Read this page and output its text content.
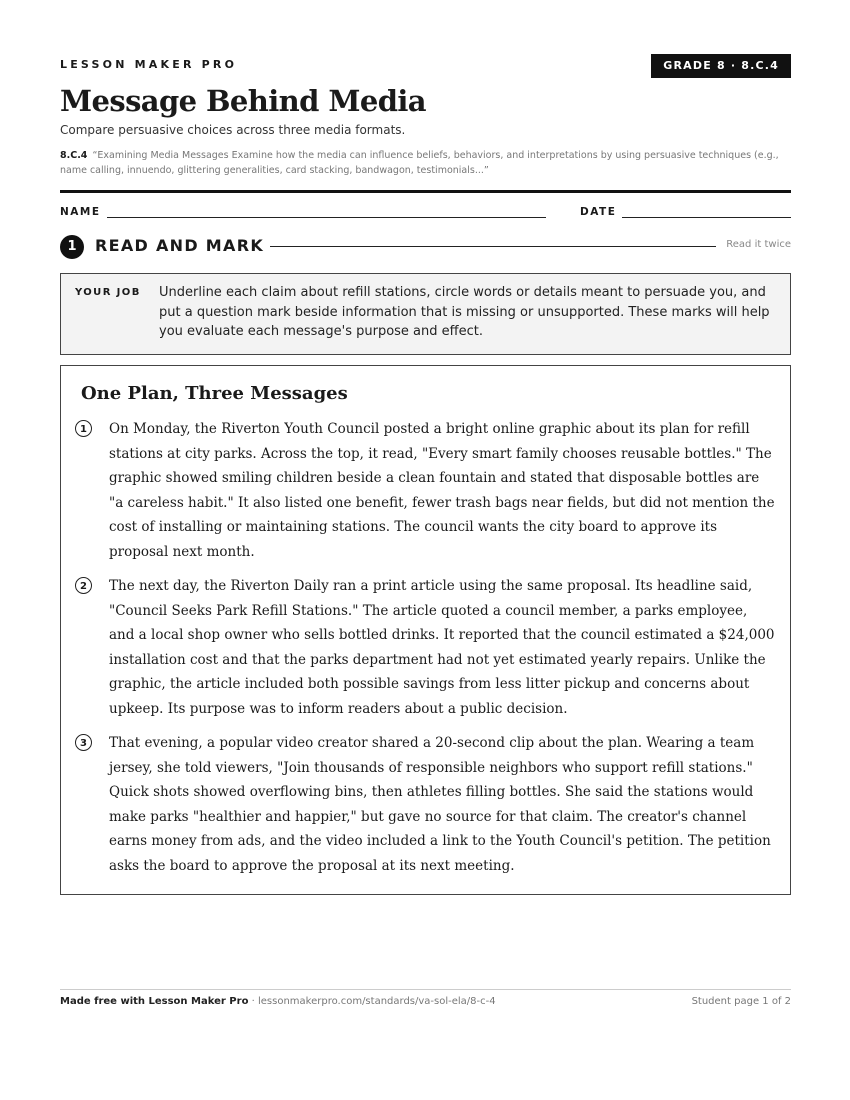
LESSON MAKER PRO	GRADE 8 · 8.C.4
Message Behind Media
Compare persuasive choices across three media formats.
8.C.4 “Examining Media Messages Examine how the media can influence beliefs, behaviors, and interpretations by using persuasive techniques (e.g., name calling, innuendo, glittering generalities, card stacking, bandwagon, testimonials...”
NAME	DATE
1	READ AND MARK	Read it twice
YOUR JOB Underline each claim about refill stations, circle words or details meant to persuade you, and put a question mark beside information that is missing or unsupported. These marks will help you evaluate each message's purpose and effect.
One Plan, Three Messages
1	On Monday, the Riverton Youth Council posted a bright online graphic about its plan for refill stations at city parks. Across the top, it read, "Every smart family chooses reusable bottles." The graphic showed smiling children beside a clean fountain and stated that disposable bottles are "a careless habit." It also listed one benefit, fewer trash bags near fields, but did not mention the cost of installing or maintaining stations. The council wants the city board to approve its proposal next month.

2	The next day, the Riverton Daily ran a print article using the same proposal. Its headline said, "Council Seeks Park Refill Stations." The article quoted a council member, a parks employee, and a local shop owner who sells bottled drinks. It reported that the council estimated a $24,000 installation cost and that the parks department had not yet estimated yearly repairs. Unlike the graphic, the article included both possible savings from less litter pickup and concerns about upkeep. Its purpose was to inform readers about a public decision.

3	That evening, a popular video creator shared a 20-second clip about the plan. Wearing a team jersey, she told viewers, "Join thousands of responsible neighbors who support refill stations." Quick shots showed overflowing bins, then athletes filling bottles. She said the stations would make parks "healthier and happier," but gave no source for that claim. The creator's channel earns money from ads, and the video included a link to the Youth Council's petition. The petition asks the board to approve the proposal at its next meeting.

Made free with Lesson Maker Pro · lessonmakerpro.com/standards/va-sol-ela/8-c-4	Student page 1 of 2
